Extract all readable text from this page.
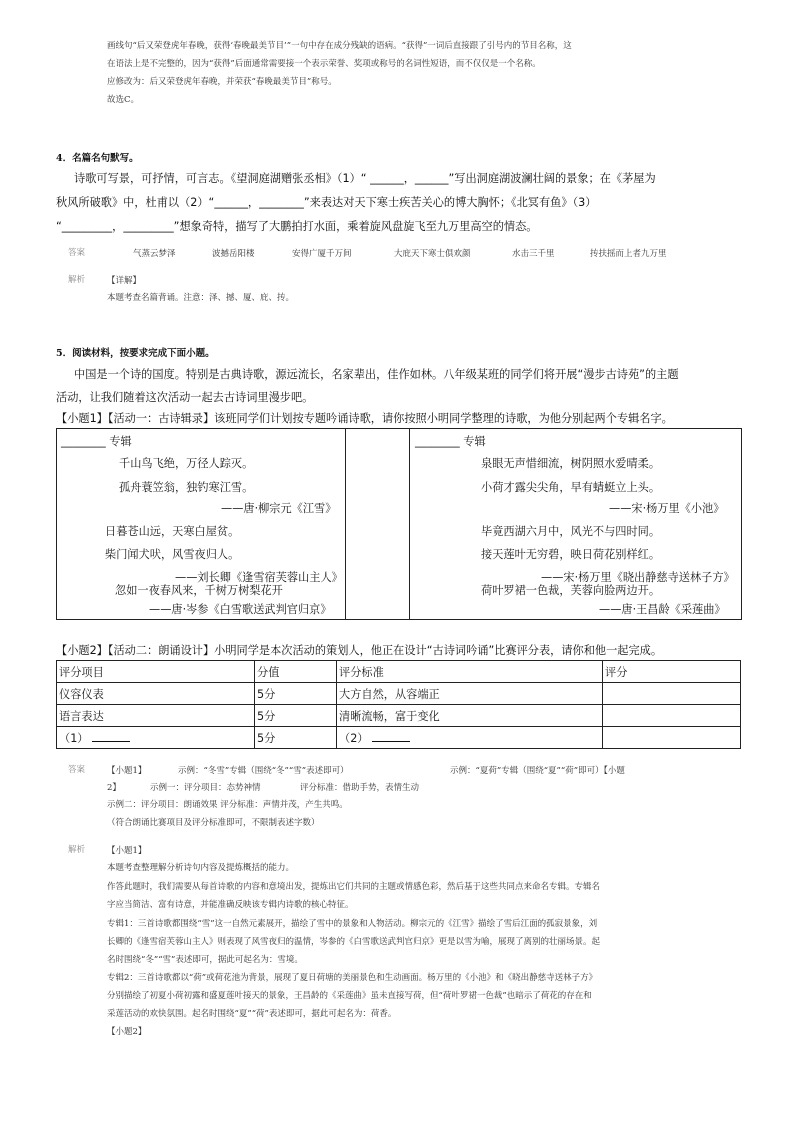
画线句“后又荣登虎年春晚，获得‘春晚最美节目’”一句中存在成分残缺的语病。“获得”一词后直接跟了引号内的节目名称，这
在语法上是不完整的，因为“获得”后面通常需要接一个表示荣誉、奖项或称号的名词性短语，而不仅仅是一个名称。
应修改为：后又荣登虎年春晚，并荣获“春晚最美节目”称号。
故选C。
4．名篇名句默写。
诗歌可写景，可抒情，可言志。《望洞庭湖赠张丞相》（1）“ ______，______”写出洞庭湖波澜壮阔的景象；在《茅屋为
秋风所破歌》中，杜甫以（2）“______，________”来表达对天下寒士疾苦关心的博大胸怀；《北冥有鱼》（3）
“_________，_________”想象奇特，描写了大鹏拍打水面，乘着旋风盘旋飞至九万里高空的情态。
答案	气蒸云梦泽	波撼岳阳楼	安得广厦千万间	大庇天下寒士俱欢颜	水击三千里	抟扶摇而上者九万里
解析	【详解】
本题考查名篇背诵。注意：泽、撼、厦、庇、抟。
5．阅读材料，按要求完成下面小题。
中国是一个诗的国度。特别是古典诗歌，源远流长，名家辈出，佳作如林。八年级某班的同学们将开展“漫步古诗苑”的主题
活动，让我们随着这次活动一起去古诗词里漫步吧。
【小题1】【活动一：古诗辑录】该班同学们计划按专题吟诵诗歌，请你按照小明同学整理的诗歌，为他分别起两个专辑名字。
________ 专辑
千山鸟飞绝，万径人踪灭。
孤舟蓑笠翁，独钓寒江雪。
——唐·柳宗元《江雪》
日暮苍山远，天寒白屋贫。
柴门闻犬吠，风雪夜归人。
——刘长卿《逢雪宿芙蓉山主人》
忽如一夜春风来，千树万树梨花开
——唐·岑参《白雪歌送武判官归京》
________ 专辑
泉眼无声惜细流，树阴照水爱晴柔。
小荷才露尖尖角，早有蜻蜓立上头。
——宋·杨万里《小池》
毕竟西湖六月中，风光不与四时同。
接天莲叶无穷碧，映日荷花别样红。
——宋·杨万里《晓出静慈寺送林子方》
荷叶罗裙一色裁，芙蓉向脸两边开。
——唐·王昌龄《采莲曲》
【小题2】【活动二：朗诵设计】小明同学是本次活动的策划人，他正在设计“古诗词吟诵”比赛评分表，请你和他一起完成。
评分项目	分值	评分标准	评分
仪容仪表	5分	大方自然，从容端正	
语言表达	5分	清晰流畅，富于变化	
（1）	5分	（2）	
答案	【小题1】	示例：“冬雪”专辑（围绕“冬”“雪”表述即可）	示例：“夏荷”专辑（围绕“夏”“荷”即可）【小题
2】	示例一：评分项目：态势神情	评分标准：借助手势，表情生动
示例二：评分项目：朗诵效果 评分标准：声情并茂，产生共鸣。
（符合朗诵比赛项目及评分标准即可，不限制表述字数）
解析	【小题1】
本题考查整理解分析诗句内容及提炼概括的能力。
作答此题时，我们需要从每首诗歌的内容和意境出发，提炼出它们共同的主题或情感色彩，然后基于这些共同点来命名专辑。专辑名
字应当简洁、富有诗意，并能准确反映该专辑内诗歌的核心特征。
专辑1：三首诗歌都围绕“雪”这一自然元素展开，描绘了雪中的景象和人物活动。柳宗元的《江雪》描绘了雪后江面的孤寂景象，刘
长卿的《逢雪宿芙蓉山主人》则表现了风雪夜归的温情，岑参的《白雪歌送武判官归京》更是以雪为喻，展现了离别的壮丽场景。起
名时围绕“冬”“雪”表述即可，据此可起名为：雪境。
专辑2：三首诗歌都以“荷”或荷花池为背景，展现了夏日荷塘的美丽景色和生动画面。杨万里的《小池》和《晓出静慈寺送林子方》
分别描绘了初夏小荷初露和盛夏莲叶接天的景象，王昌龄的《采莲曲》虽未直接写荷，但“荷叶罗裙一色裁”也暗示了荷花的存在和
采莲活动的欢快氛围。起名时围绕“夏”“荷”表述即可，据此可起名为：荷香。
【小题2】
